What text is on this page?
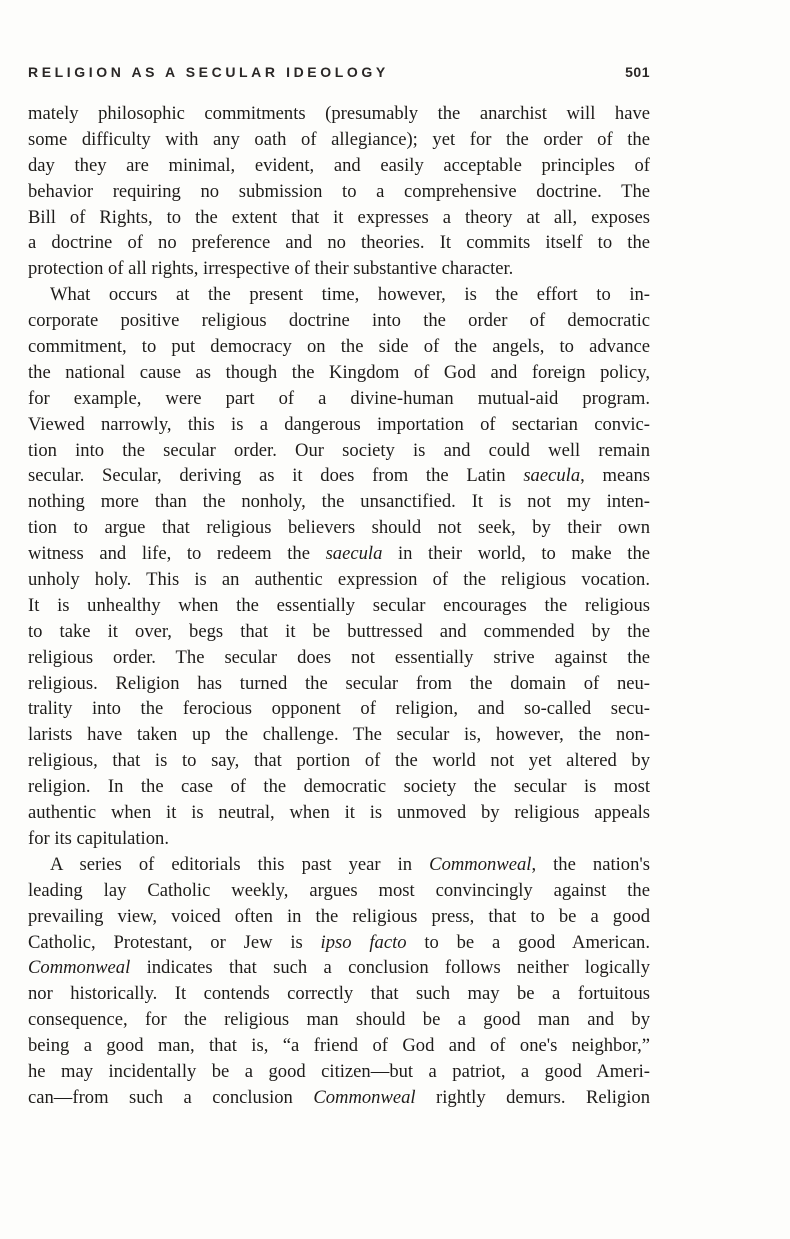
RELIGION AS A SECULAR IDEOLOGY	501
mately philosophic commitments (presumably the anarchist will have
some difficulty with any oath of allegiance); yet for the order of the
day they are minimal, evident, and easily acceptable principles of
behavior requiring no submission to a comprehensive doctrine. The
Bill of Rights, to the extent that it expresses a theory at all, exposes
a doctrine of no preference and no theories. It commits itself to the
protection of all rights, irrespective of their substantive character.
What occurs at the present time, however, is the effort to in-
corporate positive religious doctrine into the order of democratic
commitment, to put democracy on the side of the angels, to advance
the national cause as though the Kingdom of God and foreign policy,
for example, were part of a divine-human mutual-aid program.
Viewed narrowly, this is a dangerous importation of sectarian convic-
tion into the secular order. Our society is and could well remain
secular. Secular, deriving as it does from the Latin saecula, means
nothing more than the nonholy, the unsanctified. It is not my inten-
tion to argue that religious believers should not seek, by their own
witness and life, to redeem the saecula in their world, to make the
unholy holy. This is an authentic expression of the religious vocation.
It is unhealthy when the essentially secular encourages the religious
to take it over, begs that it be buttressed and commended by the
religious order. The secular does not essentially strive against the
religious. Religion has turned the secular from the domain of neu-
trality into the ferocious opponent of religion, and so-called secu-
larists have taken up the challenge. The secular is, however, the non-
religious, that is to say, that portion of the world not yet altered by
religion. In the case of the democratic society the secular is most
authentic when it is neutral, when it is unmoved by religious appeals
for its capitulation.
A series of editorials this past year in Commonweal, the nation's
leading lay Catholic weekly, argues most convincingly against the
prevailing view, voiced often in the religious press, that to be a good
Catholic, Protestant, or Jew is ipso facto to be a good American.
Commonweal indicates that such a conclusion follows neither logically
nor historically. It contends correctly that such may be a fortuitous
consequence, for the religious man should be a good man and by
being a good man, that is, “a friend of God and of one's neighbor,”
he may incidentally be a good citizen—but a patriot, a good Ameri-
can—from such a conclusion Commonweal rightly demurs. Religion
